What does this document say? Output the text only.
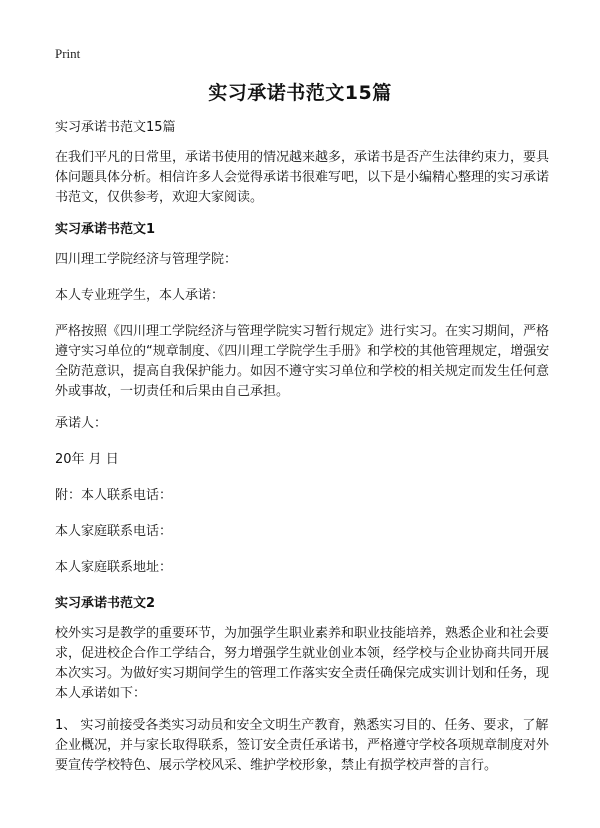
Print
实习承诺书范文15篇

实习承诺书范文15篇

在我们平凡的日常里，承诺书使用的情况越来越多，承诺书是否产生法律约束力，要具体问题具体分析。相信许多人会觉得承诺书很难写吧，以下是小编精心整理的实习承诺书范文，仅供参考，欢迎大家阅读。

实习承诺书范文1

四川理工学院经济与管理学院：

本人专业班学生，本人承诺：

严格按照《四川理工学院经济与管理学院实习暂行规定》进行实习。在实习期间，严格遵守实习单位的“规章制度、《四川理工学院学生手册》和学校的其他管理规定，增强安全防范意识，提高自我保护能力。如因不遵守实习单位和学校的相关规定而发生任何意外或事故，一切责任和后果由自己承担。

承诺人：

20年 月 日

附：本人联系电话：

本人家庭联系电话：

本人家庭联系地址：

实习承诺书范文2

校外实习是教学的重要环节，为加强学生职业素养和职业技能培养，熟悉企业和社会要求，促进校企合作工学结合，努力增强学生就业创业本领，经学校与企业协商共同开展本次实习。为做好实习期间学生的管理工作落实安全责任确保完成实训计划和任务，现本人承诺如下：

1、 实习前接受各类实习动员和安全文明生产教育，熟悉实习目的、任务、要求，了解企业概况，并与家长取得联系，签订安全责任承诺书，严格遵守学校各项规章制度对外要宣传学校特色、展示学校风采、维护学校形象，禁止有损学校声誉的言行。
